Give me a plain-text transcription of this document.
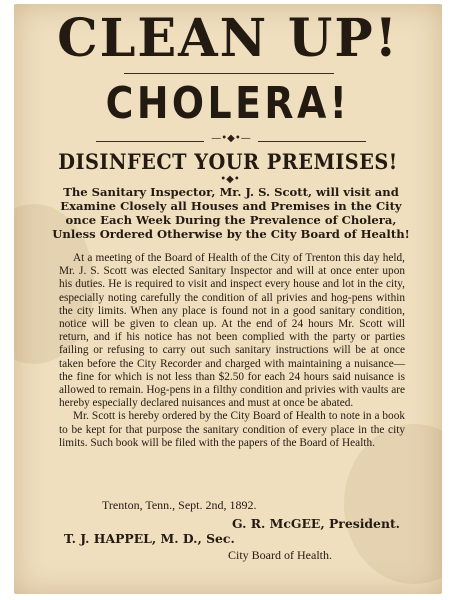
CLEAN UP!
CHOLERA!
—•◆•—
DISINFECT YOUR PREMISES!
•◆•

The Sanitary Inspector, Mr. J. S. Scott, will visit and Examine Closely all Houses and Premises in the City once Each Week During the Prevalence of Cholera, Unless Ordered Otherwise by the City Board of Health!

At a meeting of the Board of Health of the City of Trenton this day held, Mr. J. S. Scott was elected Sanitary Inspector and will at once enter upon his duties. He is required to visit and inspect every house and lot in the city, especially noting carefully the condition of all privies and hog-pens within the city limits. When any place is found not in a good sanitary condition, notice will be given to clean up. At the end of 24 hours Mr. Scott will return, and if his notice has not been complied with the party or parties failing or refusing to carry out such sanitary instructions will be at once taken before the City Recorder and charged with maintaining a nuisance—the fine for which is not less than $2.50 for each 24 hours said nuisance is allowed to remain. Hog-pens in a filthy condition and privies with vaults are hereby especially declared nuisances and must at once be abated.

Mr. Scott is hereby ordered by the City Board of Health to note in a book to be kept for that purpose the sanitary condition of every place in the city limits. Such book will be filed with the papers of the Board of Health.

Trenton, Tenn., Sept. 2nd, 1892.

G. R. McGEE, President.

T. J. HAPPEL, M. D., Sec.

City Board of Health.
